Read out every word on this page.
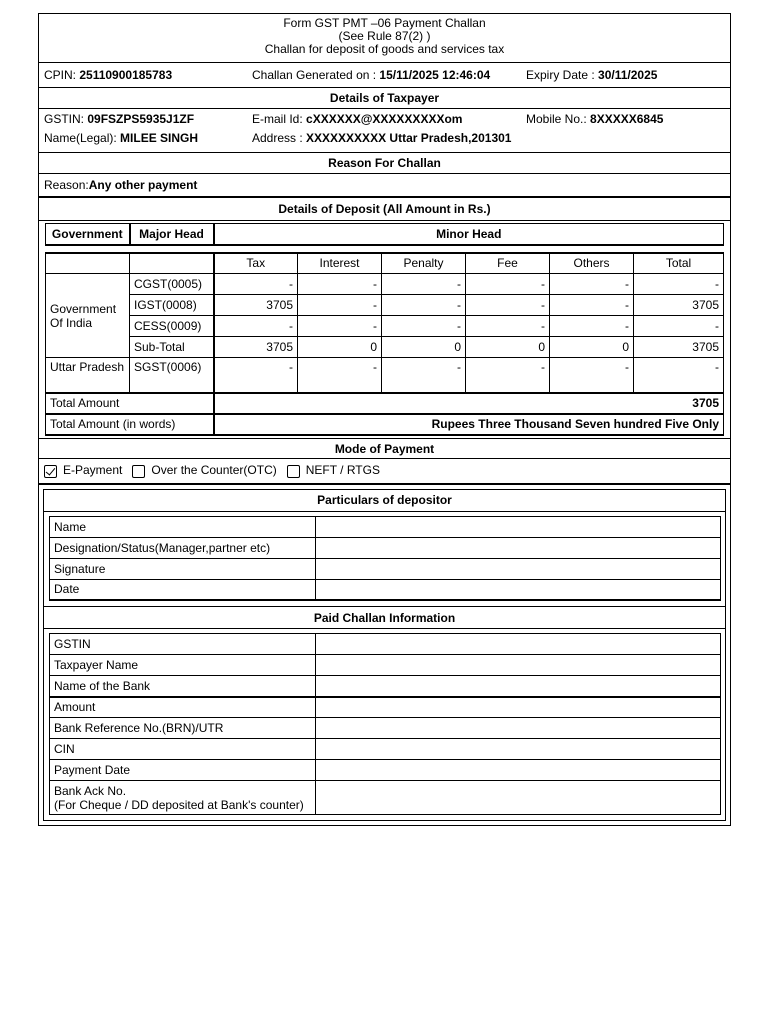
Form GST PMT –06 Payment Challan
(See Rule 87(2) )
Challan for deposit of goods and services tax
CPIN: 25110900185783	Challan Generated on : 15/11/2025 12:46:04	Expiry Date : 30/11/2025
Details of Taxpayer
GSTIN: 09FSZPS5935J1ZF	E-mail Id: cXXXXXX@XXXXXXXXXom	Mobile No.: 8XXXXX6845
Name(Legal): MILEE SINGH	Address : XXXXXXXXXX Uttar Pradesh,201301
Reason For Challan
Reason: Any other payment
Details of Deposit (All Amount in Rs.)
Government	Major Head	Minor Head
		Tax	Interest	Penalty	Fee	Others	Total
Government Of India	CGST(0005)	-	-	-	-	-	-
	IGST(0008)	3705	-	-	-	-	3705
	CESS(0009)	-	-	-	-	-	-
	Sub-Total	3705	0	0	0	0	3705
Uttar Pradesh	SGST(0006)	-	-	-	-	-	-
Total Amount		3705					
Total Amount (in words)		Rupees Three Thousand Seven hundred Five Only					
Mode of Payment
E-Payment	Over the Counter(OTC)	NEFT / RTGS
Particulars of depositor
Name	
Designation/Status(Manager,partner etc)	
Signature	
Date	
Paid Challan Information
GSTIN	
Taxpayer Name	
Name of the Bank	
Amount	
Bank Reference No.(BRN)/UTR	
CIN	
Payment Date	

Bank Ack No.
(For Cheque / DD deposited at Bank's counter)	
